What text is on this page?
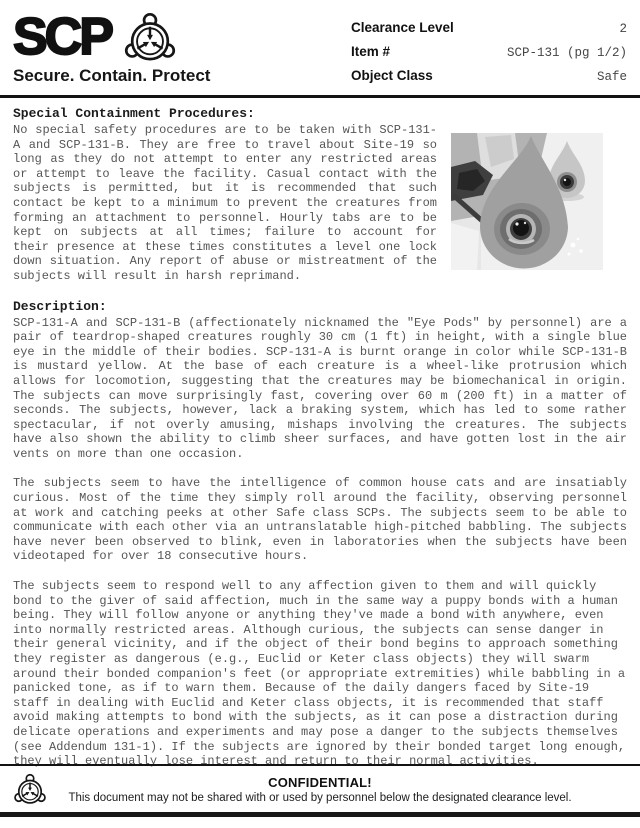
SCP
Secure. Contain. Protect
Clearance Level	2
Item #	SCP-131 (pg 1/2)
Object Class	Safe
Special Containment Procedures:

No special safety procedures are to be taken with SCP-131-A and SCP-131-B. They are free to travel about Site-19 so long as they do not attempt to enter any restricted areas or attempt to leave the facility. Casual contact with the subjects is permitted, but it is recommended that such contact be kept to a minimum to prevent the creatures from forming an attachment to personnel. Hourly tabs are to be kept on subjects at all times; failure to account for their presence at these times constitutes a level one lock down situation. Any report of abuse or mistreatment of the subjects will result in harsh reprimand.

Description:

SCP-131-A and SCP-131-B (affectionately nicknamed the "Eye Pods" by personnel) are a pair of teardrop-shaped creatures roughly 30 cm (1 ft) in height, with a single blue eye in the middle of their bodies. SCP-131-A is burnt orange in color while SCP-131-B is mustard yellow. At the base of each creature is a wheel-like protrusion which allows for locomotion, suggesting that the creatures may be biomechanical in origin. The subjects can move surprisingly fast, covering over 60 m (200 ft) in a matter of seconds. The subjects, however, lack a braking system, which has led to some rather spectacular, if not overly amusing, mishaps involving the creatures. The subjects have also shown the ability to climb sheer surfaces, and have gotten lost in the air vents on more than one occasion.

The subjects seem to have the intelligence of common house cats and are insatiably curious. Most of the time they simply roll around the facility, observing personnel at work and catching peeks at other Safe class SCPs. The subjects seem to be able to communicate with each other via an untranslatable high-pitched babbling. The subjects have never been observed to blink, even in laboratories when the subjects have been videotaped for over 18 consecutive hours.

The subjects seem to respond well to any affection given to them and will quickly bond to the giver of said affection, much in the same way a puppy bonds with a human being. They will follow anyone or anything they've made a bond with anywhere, even into normally restricted areas. Although curious, the subjects can sense danger in their general vicinity, and if the object of their bond begins to approach something they register as dangerous (e.g., Euclid or Keter class objects) they will swarm around their bonded companion's feet (or appropriate extremities) while babbling in a panicked tone, as if to warn them. Because of the daily dangers faced by Site-19 staff in dealing with Euclid and Keter class objects, it is recommended that staff avoid making attempts to bond with the subjects, as it can pose a distraction during delicate operations and experiments and may pose a danger to the subjects themselves (see Addendum 131-1). If the subjects are ignored by their bonded target long enough, they will eventually lose interest and return to their normal activities.

CONFIDENTIAL!
This document may not be shared with or used by personnel below the designated clearance level.
